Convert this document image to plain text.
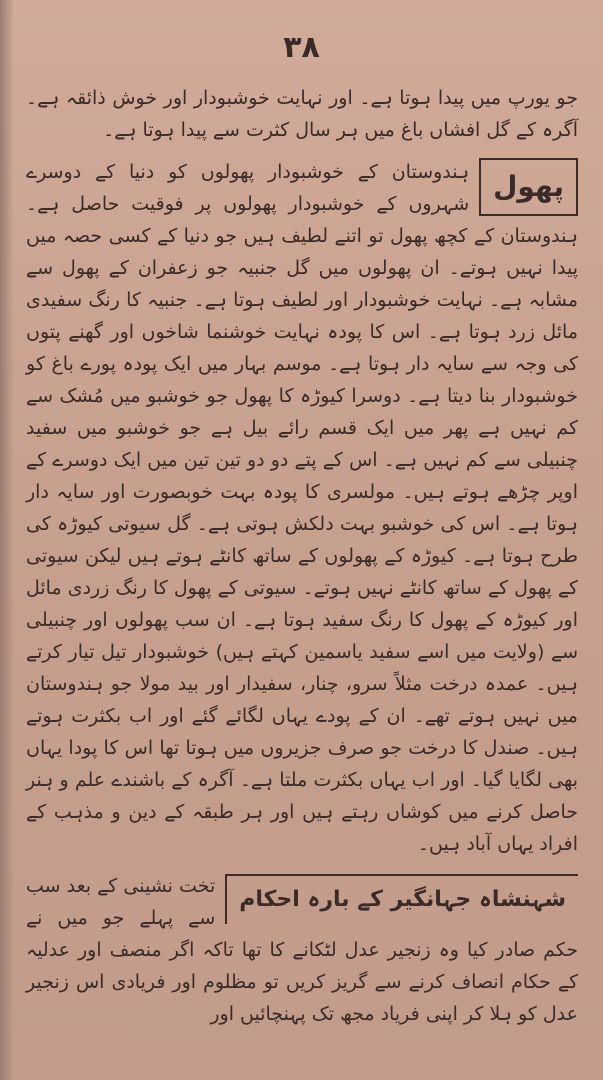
۳۸

جو یورپ میں پیدا ہوتا ہے۔ اور نہایت خوشبودار اور خوش ذائقہ ہے۔ آگرہ کے گل افشاں باغ میں ہر سال کثرت سے پیدا ہوتا ہے۔

پھول

ہندوستان کے خوشبودار پھولوں کو دنیا کے دوسرے شہروں کے خوشبودار پھولوں پر فوقیت حاصل ہے۔ ہندوستان کے کچھ پھول تو اتنے لطیف ہیں جو دنیا کے کسی حصہ میں پیدا نہیں ہوتے۔ ان پھولوں میں گل جنبیہ جو زعفران کے پھول سے مشابہ ہے۔ نہایت خوشبودار اور لطیف ہوتا ہے۔ جنبیہ کا رنگ سفیدی مائل زرد ہوتا ہے۔ اس کا پودہ نہایت خوشنما شاخوں اور گھنے پتوں کی وجہ سے سایہ دار ہوتا ہے۔ موسم بہار میں ایک پودہ پورے باغ کو خوشبودار بنا دیتا ہے۔ دوسرا کیوڑہ کا پھول جو خوشبو میں مُشک سے کم نہیں ہے پھر میں ایک قسم رائے بیل ہے جو خوشبو میں سفید چنبیلی سے کم نہیں ہے۔ اس کے پتے دو دو تین تین میں ایک دوسرے کے اوپر چڑھے ہوتے ہیں۔ مولسری کا پودہ بہت خوبصورت اور سایہ دار ہوتا ہے۔ اس کی خوشبو بہت دلکش ہوتی ہے۔ گل سیوتی کیوڑہ کی طرح ہوتا ہے۔ کیوڑہ کے پھولوں کے ساتھ کانٹے ہوتے ہیں لیکن سیوتی کے پھول کے ساتھ کانٹے نہیں ہوتے۔ سیوتی کے پھول کا رنگ زردی مائل اور کیوڑہ کے پھول کا رنگ سفید ہوتا ہے۔ ان سب پھولوں اور چنبیلی سے (ولایت میں اسے سفید یاسمین کہتے ہیں) خوشبودار تیل تیار کرتے ہیں۔ عمدہ درخت مثلاً سرو، چنار، سفیدار اور بید مولا جو ہندوستان میں نہیں ہوتے تھے۔ ان کے پودے یہاں لگائے گئے اور اب بکثرت ہوتے ہیں۔ صندل کا درخت جو صرف جزیروں میں ہوتا تھا اس کا پودا یہاں بھی لگایا گیا۔ اور اب یہاں بکثرت ملتا ہے۔ آگرہ کے باشندے علم و ہنر حاصل کرنے میں کوشاں رہتے ہیں اور ہر طبقہ کے دین و مذہب کے افراد یہاں آباد ہیں۔

شہنشاہ جہانگیر کے بارہ احکام

تخت نشینی کے بعد سب سے پہلے جو میں نے حکم صادر کیا وہ زنجیر عدل لٹکانے کا تھا تاکہ اگر منصف اور عدلیہ کے حکام انصاف کرنے سے گریز کریں تو مظلوم اور فریادی اس زنجیر عدل کو ہلا کر اپنی فریاد مجھ تک پہنچائیں اور
